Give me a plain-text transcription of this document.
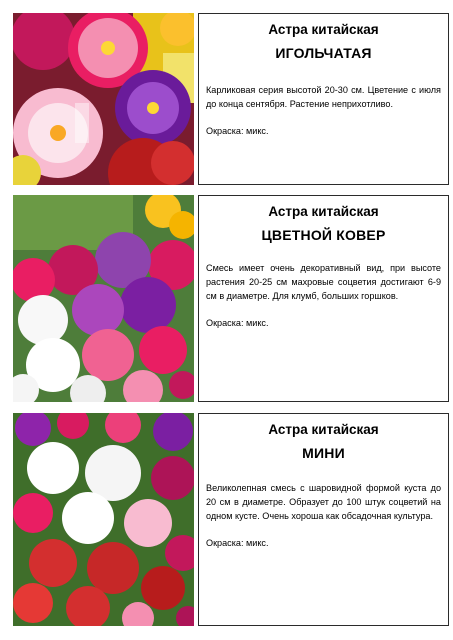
Астра китайская
ИГОЛЬЧАТАЯ
Карликовая серия высотой 20-30 см. Цветение с июля до конца сентября. Растение неприхотливо.
Окраска: микс.
Астра китайская
ЦВЕТНОЙ КОВЕР
Смесь имеет очень декоративный вид, при высоте растения 20-25 см махровые соцветия достигают 6-9 см в диаметре. Для клумб, больших горшков.
Окраска: микс.
Астра китайская
МИНИ
Великолепная смесь с шаровидной формой куста до 20 см в диаметре. Образует до 100 штук соцветий на одном кусте. Очень хороша как обсадочная культура.
Окраска: микс.
